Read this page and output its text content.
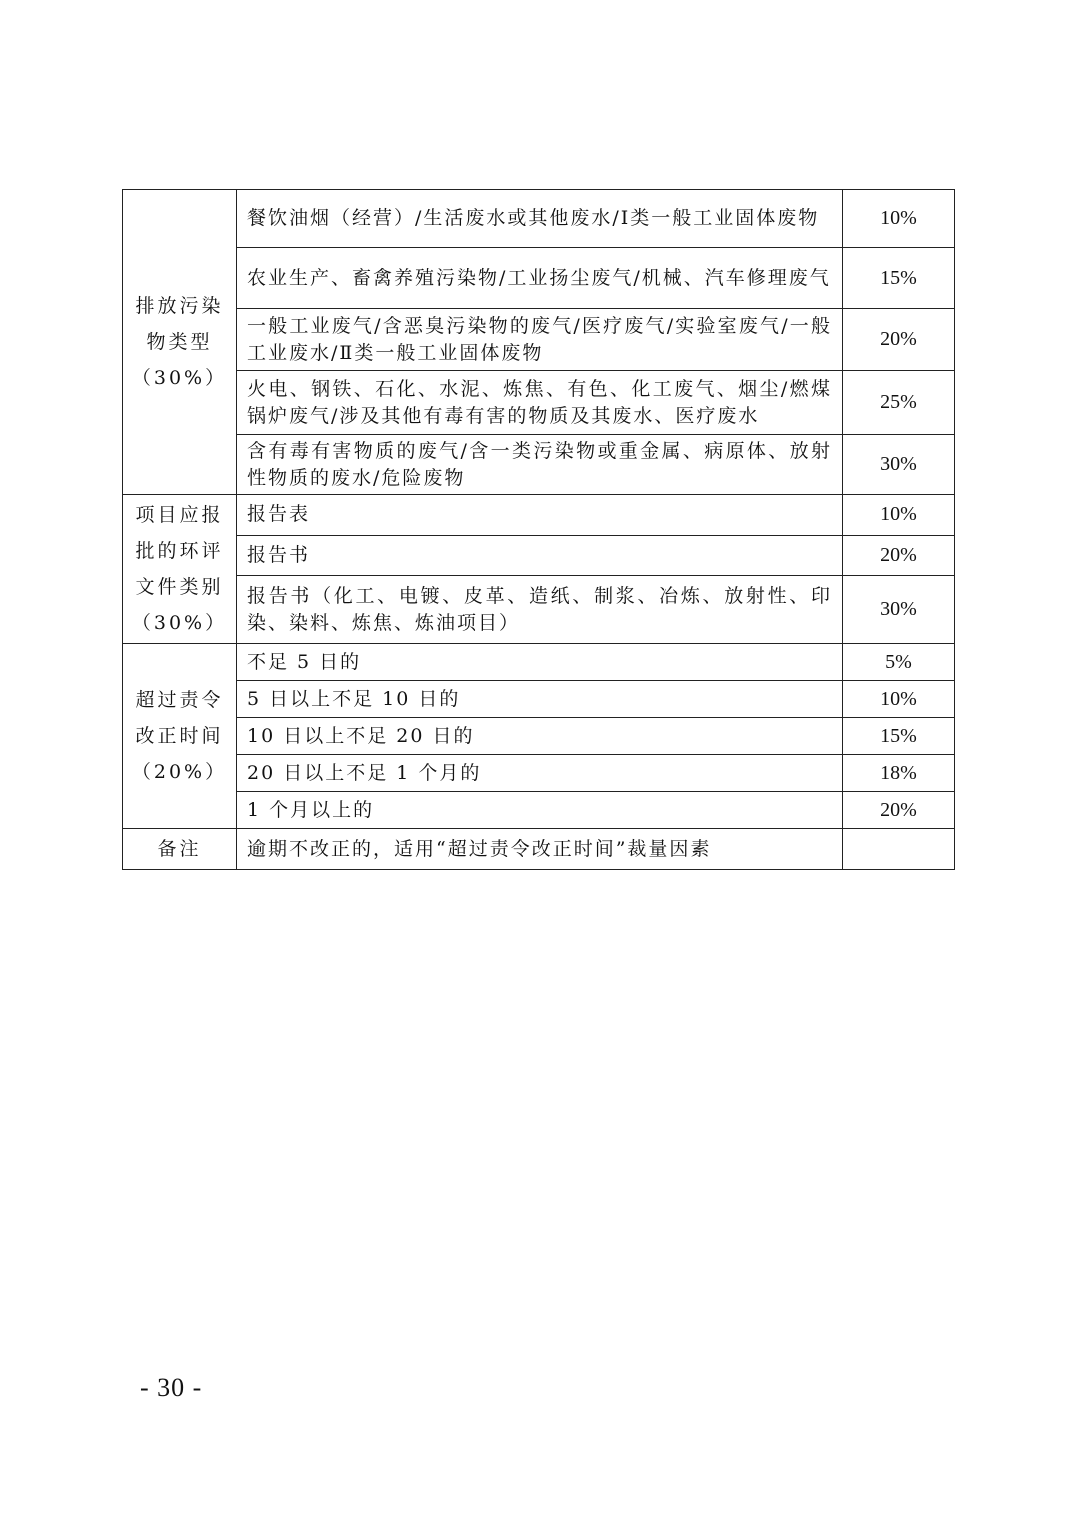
排放污染
物类型
（30%）	餐饮油烟（经营）/生活废水或其他废水/Ⅰ类一般工业固体废物	10%
	农业生产、畜禽养殖污染物/工业扬尘废气/机械、汽车修理废气	15%
	一般工业废气/含恶臭污染物的废气/医疗废气/实验室废气/一般工业废水/Ⅱ类一般工业固体废物	20%
	火电、钢铁、石化、水泥、炼焦、有色、化工废气、烟尘/燃煤锅炉废气/涉及其他有毒有害的物质及其废水、医疗废水	25%
	含有毒有害物质的废气/含一类污染物或重金属、病原体、放射性物质的废水/危险废物	30%

项目应报
批的环评
文件类别
（30%）	报告表	10%
	报告书	20%
	报告书（化工、电镀、皮革、造纸、制浆、冶炼、放射性、印染、染料、炼焦、炼油项目）	30%

超过责令
改正时间
（20%）	不足 5 日的	5%
	5 日以上不足 10 日的	10%
	10 日以上不足 20 日的	15%
	20 日以上不足 1 个月的	18%
	1 个月以上的	20%
备注	逾期不改正的，适用“超过责令改正时间”裁量因素	
- 30 -
